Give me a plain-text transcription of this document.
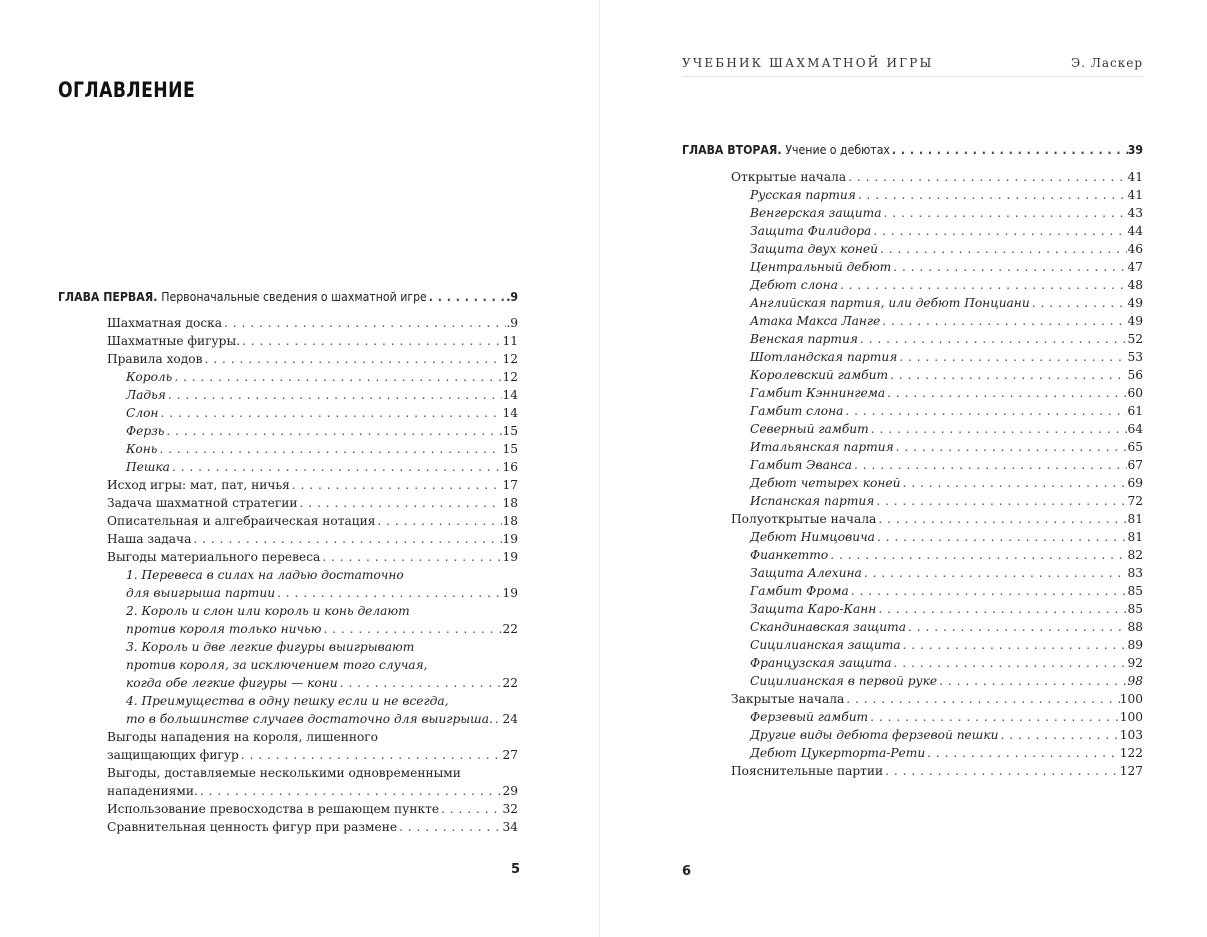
ОГЛАВЛЕНИЕ
ГЛАВА ПЕРВАЯ. Первоначальные сведения о шахматной игре . . .	.9
Шахматная доска . . .	.9
Шахматные фигуры. . . .	11
Правила ходов . . .	12
Король . . .	12
Ладья . . .	14
Слон . . .	14
Ферзь . . .	15
Конь . . .	15
Пешка . . .	16
Исход игры: мат, пат, ничья . . .	17
Задача шахматной стратегии . . .	18
Описательная и алгебраическая нотация . . .	18
Наша задача . . .	19
Выгоды материального перевеса . . .	19
1. Перевеса в силах на ладью достаточно
для выигрыша партии . . .	19
2. Король и слон или король и конь делают
против короля только ничью . . .	22
3. Король и две легкие фигуры выигрывают
против короля, за исключением того случая,
когда обе легкие фигуры — кони . . .	22
4. Преимущества в одну пешку если и не всегда,
то в большинстве случаев достаточно для выигрыша. . . . 24
Выгоды нападения на короля, лишенного
защищающих фигур . . .	27
Выгоды, доставляемые несколькими одновременными
нападениями. . . .	29
Использование превосходства в решающем пункте . . .	32
Сравнительная ценность фигур при размене . . .	34
5
УЧЕБНИК ШАХМАТНОЙ ИГРЫ	Э. Ласкер
ГЛАВА ВТОРАЯ. Учение о дебютах . . .	39
Открытые начала . . .	41
Русская партия . . .	41
Венгерская защита . . .	43
Защита Филидора . . .	44
Защита двух коней . . .	46
Центральный дебют . . .	47
Дебют слона . . .	48
Английская партия, или дебют Понциани . . .	49
Атака Макса Ланге . . .	49
Венская партия . . .	52
Шотландская партия . . .	53
Королевский гамбит . . .	56
Гамбит Кэннингема . . .	60
Гамбит слона . . .	61
Северный гамбит . . .	64
Итальянская партия . . .	65
Гамбит Эванса . . .	67
Дебют четырех коней . . .	69
Испанская партия . . .	72
Полуоткрытые начала . . .	81
Дебют Нимцовича . . .	81
Фианкетто . . .	82
Защита Алехина . . .	83
Гамбит Фрома . . .	85
Защита Каро-Канн . . .	85
Скандинавская защита . . .	88
Сицилианская защита . . .	89
Французская защита . . .	92
Сицилианская в первой руке . . .	98
Закрытые начала . . .	100
Ферзевый гамбит . . .	100
Другие виды дебюта ферзевой пешки . . .	103
Дебют Цукерторта-Рети . . .	122
Пояснительные партии . . .	127
6
